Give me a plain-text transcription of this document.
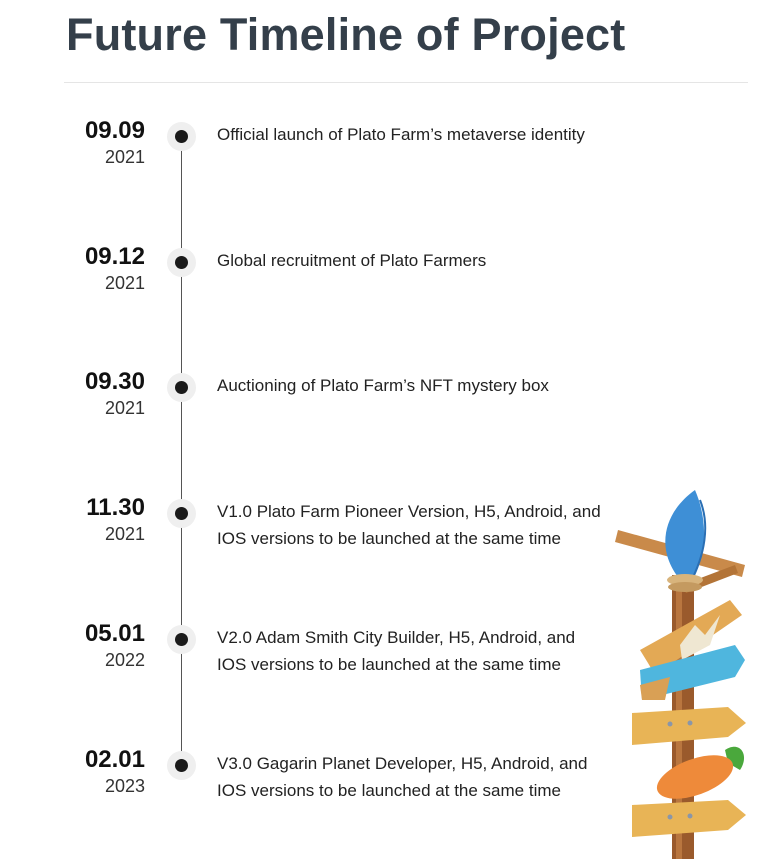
Future Timeline of Project
09.09
2021
Official launch of Plato Farm’s metaverse identity
09.12
2021
Global recruitment of Plato Farmers
09.30
2021
Auctioning of Plato Farm’s NFT mystery box
11.30
2021
V1.0 Plato Farm Pioneer Version, H5, Android, and IOS versions to be launched at the same time
05.01
2022
V2.0 Adam Smith City Builder, H5, Android, and IOS versions to be launched at the same time
02.01
2023
V3.0 Gagarin Planet Developer, H5, Android, and IOS versions to be launched at the same time
